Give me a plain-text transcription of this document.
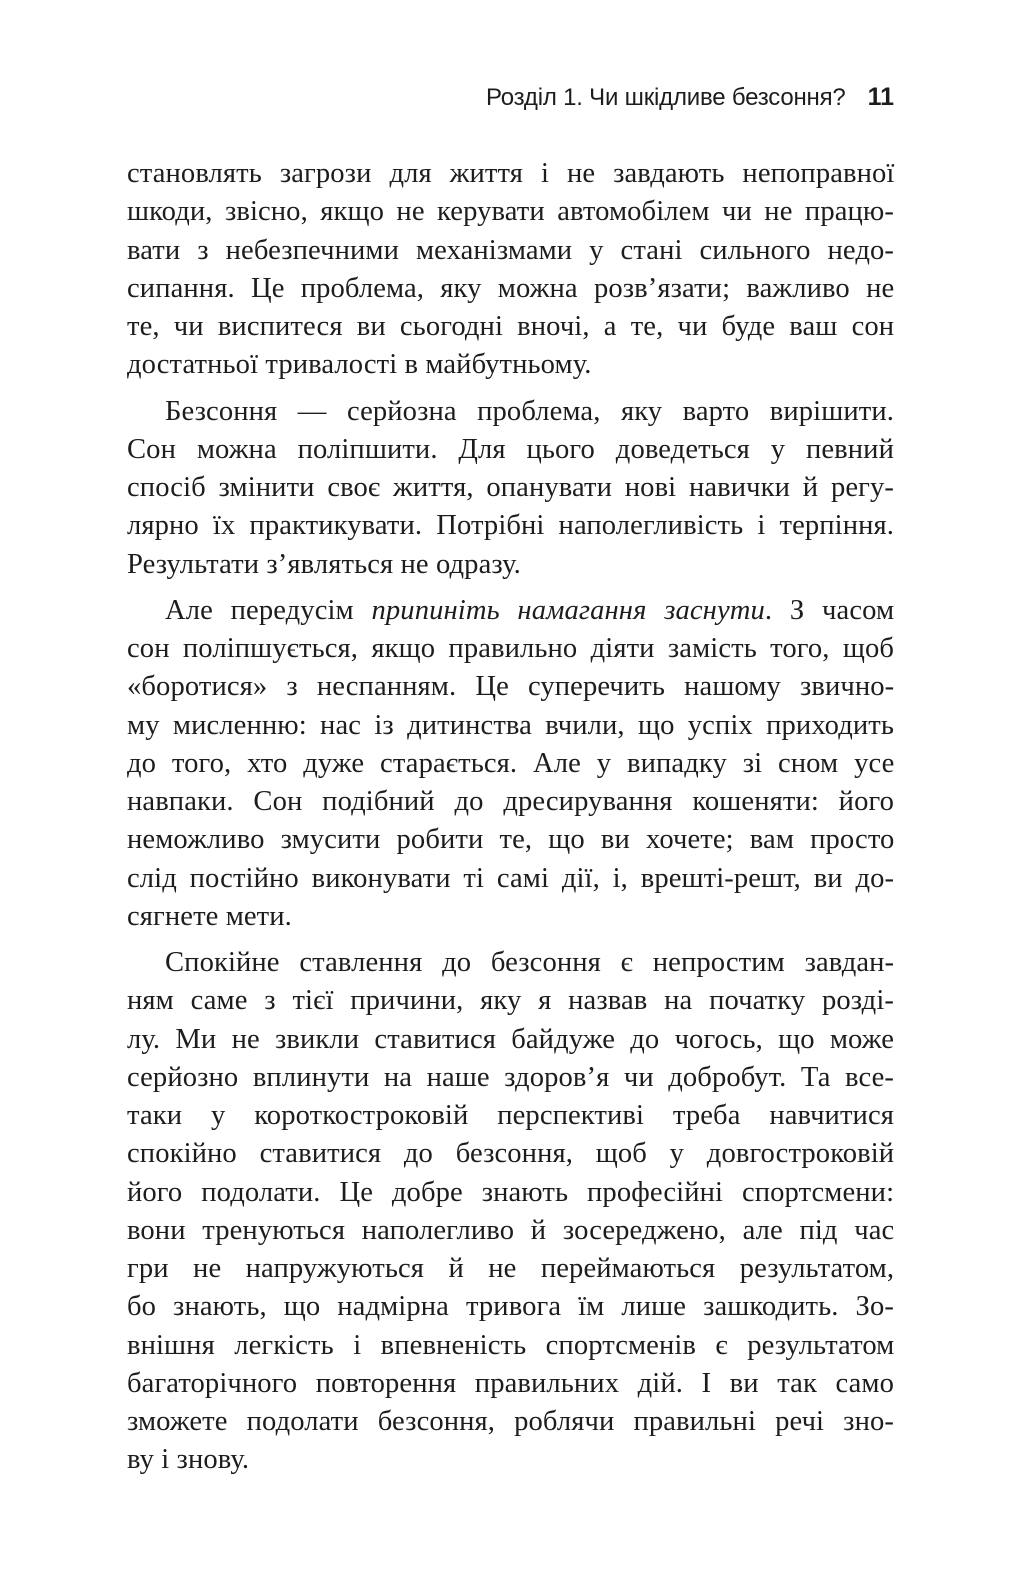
Розділ 1. Чи шкідливе безсоння? 11

становлять загрози для життя і не завдають непоправної
шкоди, звісно, якщо не керувати автомобілем чи не працю-
вати з небезпечними механізмами у стані сильного недо-
сипання. Це проблема, яку можна розв’язати; важливо не
те, чи виспитеся ви сьогодні вночі, а те, чи буде ваш сон
достатньої тривалості в майбутньому.

Безсоння — серйозна проблема, яку варто вирішити.
Сон можна поліпшити. Для цього доведеться у певний
спосіб змінити своє життя, опанувати нові навички й регу-
лярно їх практикувати. Потрібні наполегливість і терпіння.
Результати з’являться не одразу.

Але передусім припиніть намагання заснути. З часом
сон поліпшується, якщо правильно діяти замість того, щоб
«боротися» з неспанням. Це суперечить нашому звично-
му мисленню: нас із дитинства вчили, що успіх приходить
до того, хто дуже старається. Але у випадку зі сном усе
навпаки. Сон подібний до дресирування кошеняти: його
неможливо змусити робити те, що ви хочете; вам просто
слід постійно виконувати ті самі дії, і, врешті-решт, ви до-
сягнете мети.

Спокійне ставлення до безсоння є непростим завдан-
ням саме з тієї причини, яку я назвав на початку розді-
лу. Ми не звикли ставитися байдуже до чогось, що може
серйозно вплинути на наше здоров’я чи добробут. Та все-
таки у короткостроковій перспективі треба навчитися
спокійно ставитися до безсоння, щоб у довгостроковій
його подолати. Це добре знають професійні спортсмени:
вони тренуються наполегливо й зосереджено, але під час
гри не напружуються й не переймаються результатом,
бо знають, що надмірна тривога їм лише зашкодить. Зо-
внішня легкість і впевненість спортсменів є результатом
багаторічного повторення правильних дій. І ви так само
зможете подолати безсоння, роблячи правильні речі зно-
ву і знову.
